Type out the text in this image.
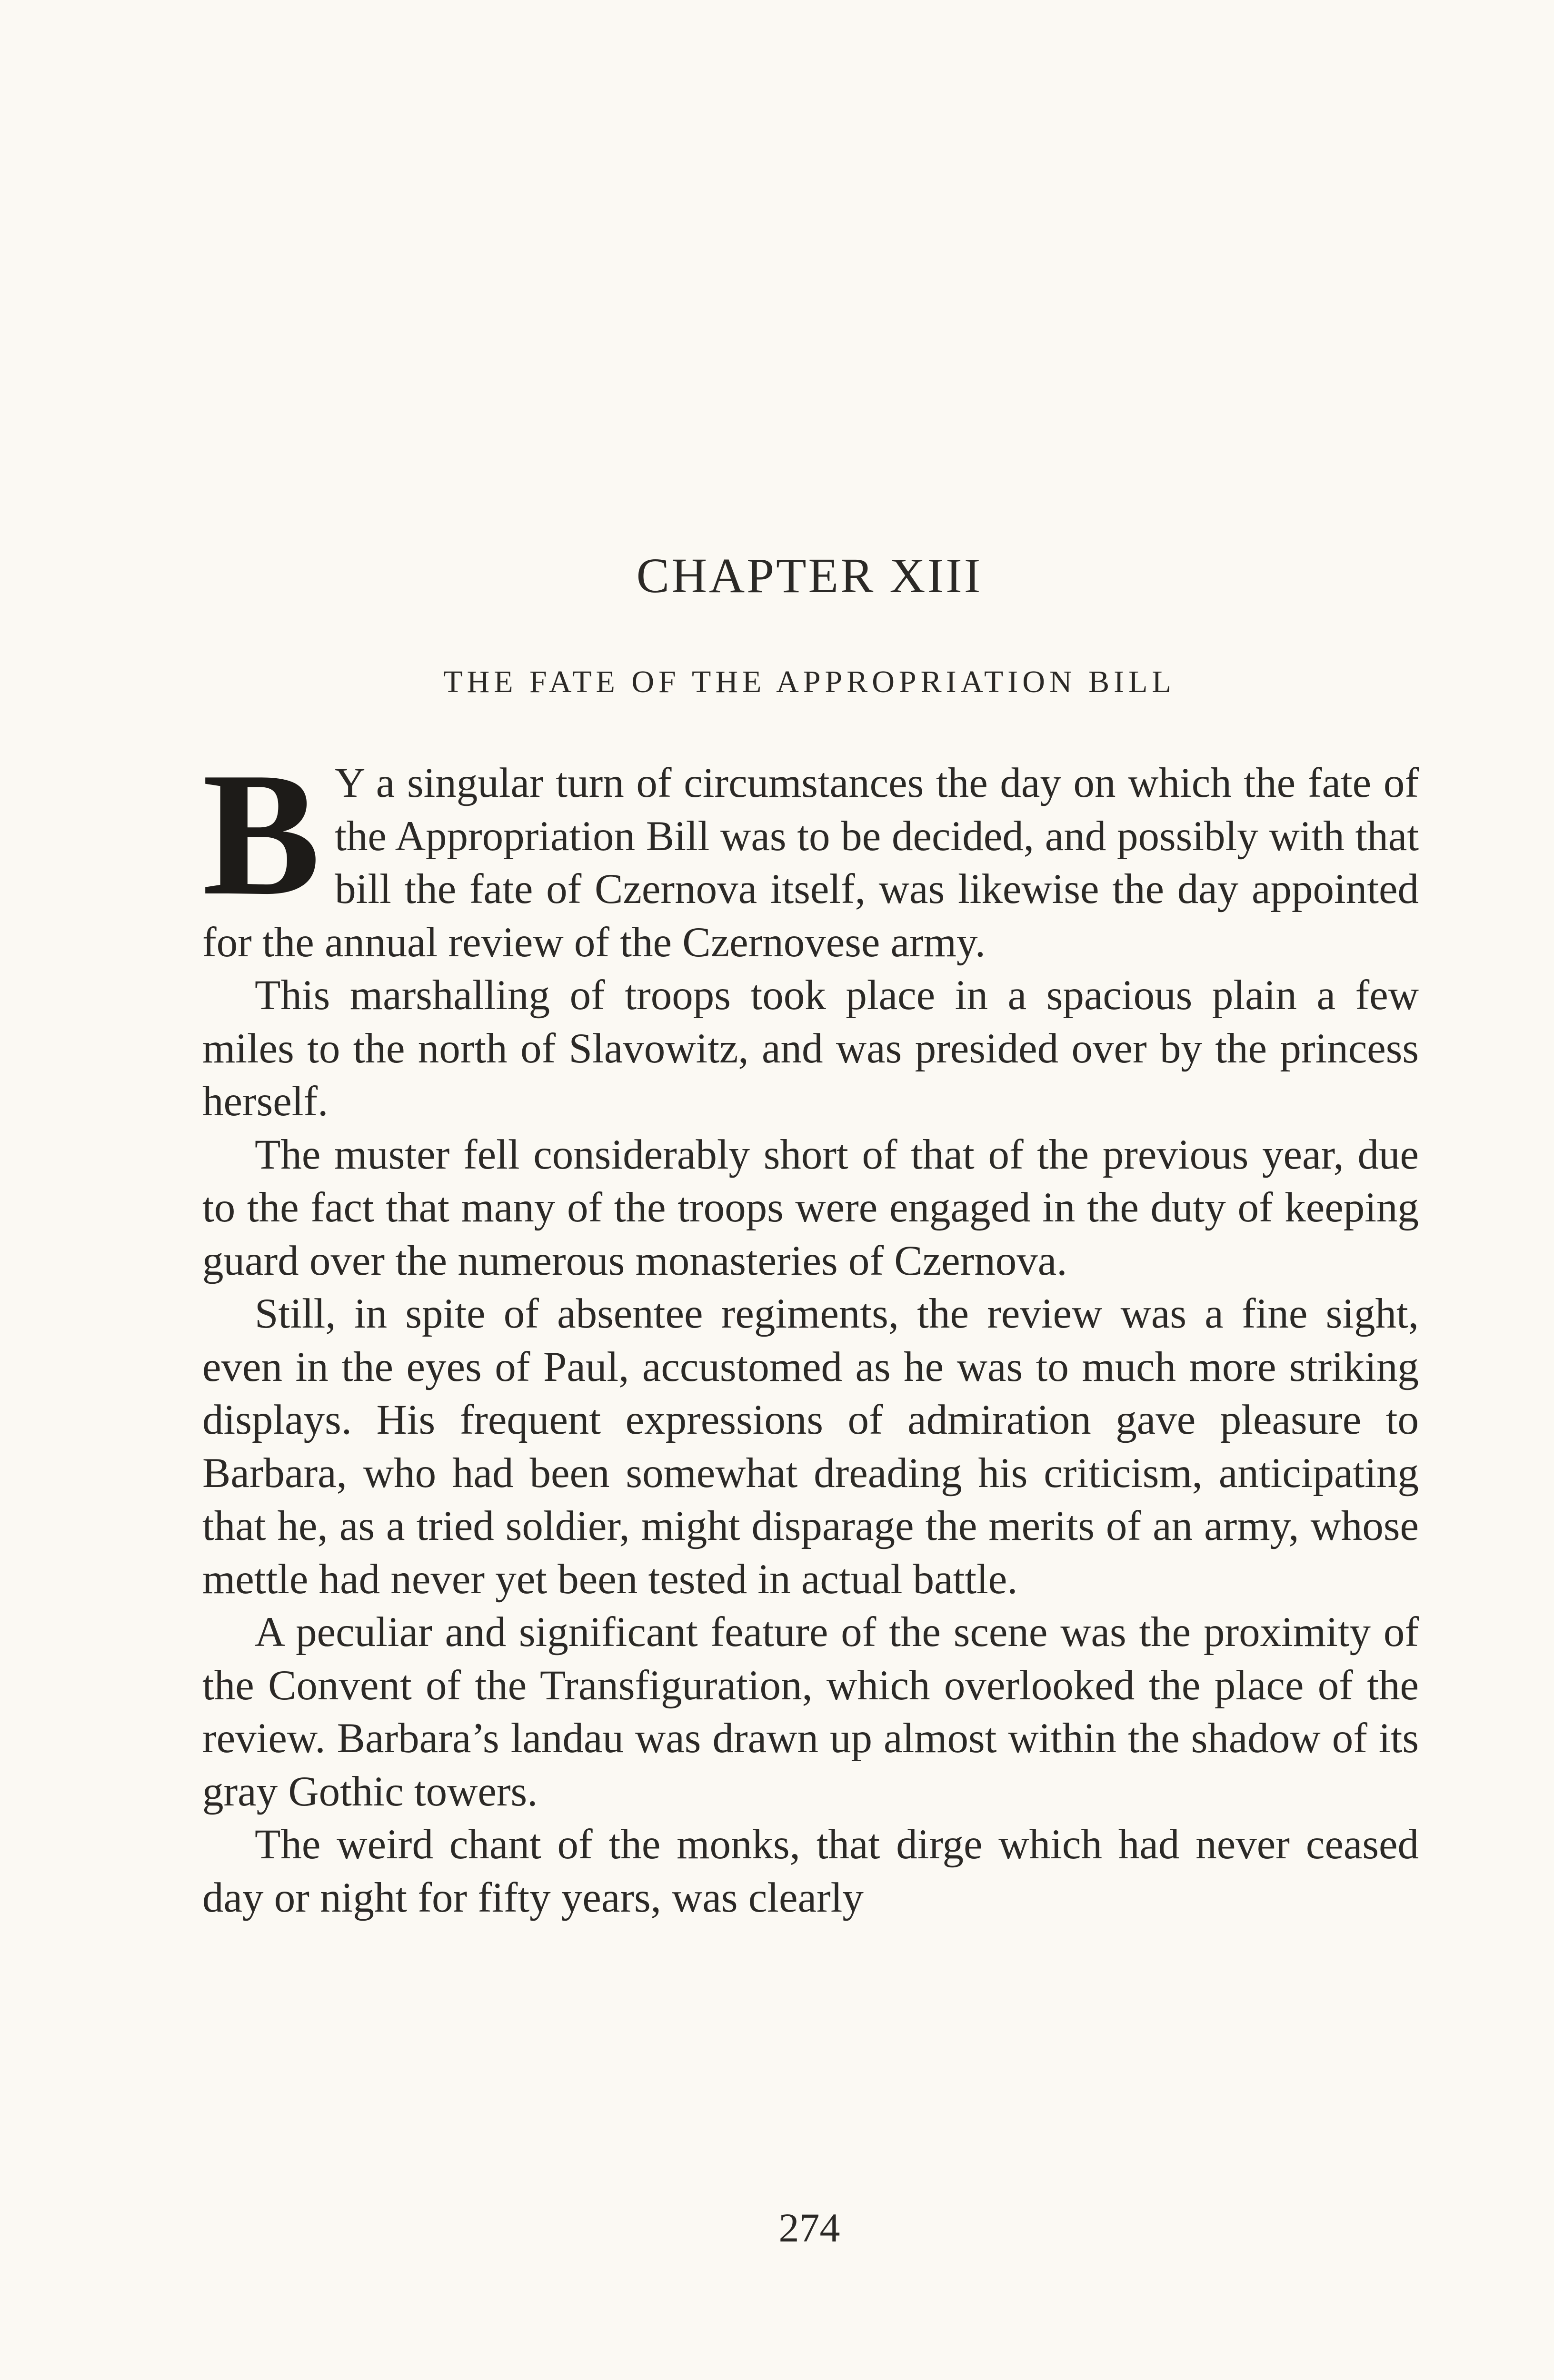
CHAPTER XIII
THE FATE OF THE APPROPRIATION BILL

B Y a singular turn of circumstances the day on which the fate of the Appropriation Bill was to be decided, and possibly with that bill the fate of Czernova itself, was likewise the day appointed for the annual review of the Czernovese army.

This marshalling of troops took place in a spacious plain a few miles to the north of Slavowitz, and was presided over by the princess herself.

The muster fell considerably short of that of the previous year, due to the fact that many of the troops were engaged in the duty of keeping guard over the numerous monasteries of Czernova.

Still, in spite of absentee regiments, the review was a fine sight, even in the eyes of Paul, accustomed as he was to much more striking displays. His frequent expressions of admiration gave pleasure to Barbara, who had been somewhat dreading his criticism, anticipating that he, as a tried soldier, might disparage the merits of an army, whose mettle had never yet been tested in actual battle.

A peculiar and significant feature of the scene was the proximity of the Convent of the Transfiguration, which overlooked the place of the review. Barbara’s landau was drawn up almost within the shadow of its gray Gothic towers.

The weird chant of the monks, that dirge which had never ceased day or night for fifty years, was clearly

274
